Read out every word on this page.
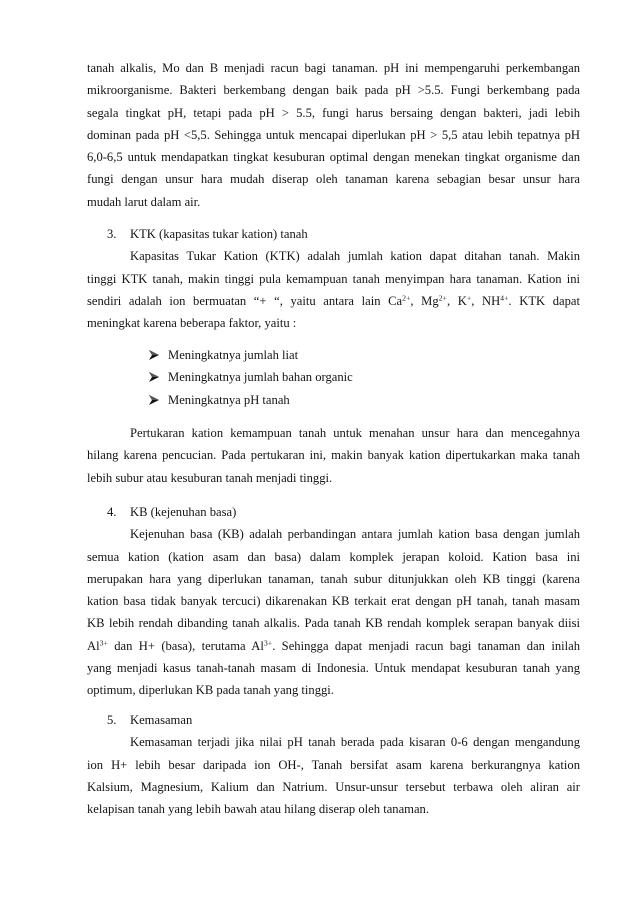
tanah alkalis, Mo dan B menjadi racun bagi tanaman. pH ini mempengaruhi perkembangan
mikroorganisme. Bakteri berkembang dengan baik pada pH >5.5. Fungi berkembang pada
segala tingkat pH, tetapi pada pH > 5.5, fungi harus bersaing dengan bakteri, jadi lebih
dominan pada pH <5,5. Sehingga untuk mencapai diperlukan pH > 5,5 atau lebih tepatnya pH
6,0-6,5 untuk mendapatkan tingkat kesuburan optimal dengan menekan tingkat organisme dan
fungi dengan unsur hara mudah diserap oleh tanaman karena sebagian besar unsur hara
mudah larut dalam air.
3. KTK (kapasitas tukar kation) tanah
Kapasitas Tukar Kation (KTK) adalah jumlah kation dapat ditahan tanah. Makin
tinggi KTK tanah, makin tinggi pula kemampuan tanah menyimpan hara tanaman. Kation ini
sendiri adalah ion bermuatan “+ “, yaitu antara lain $Ca^{2+}$, $Mg^{2+}$, K+, $NH^{4+}$. KTK dapat
meningkat karena beberapa faktor, yaitu :
Meningkatnya jumlah liat
Meningkatnya jumlah bahan organic
Meningkatnya pH tanah
Pertukaran kation kemampuan tanah untuk menahan unsur hara dan mencegahnya
hilang karena pencucian. Pada pertukaran ini, makin banyak kation dipertukarkan maka tanah
lebih subur atau kesuburan tanah menjadi tinggi.
4. KB (kejenuhan basa)
Kejenuhan basa (KB) adalah perbandingan antara jumlah kation basa dengan jumlah
semua kation (kation asam dan basa) dalam komplek jerapan koloid. Kation basa ini
merupakan hara yang diperlukan tanaman, tanah subur ditunjukkan oleh KB tinggi (karena
kation basa tidak banyak tercuci) dikarenakan KB terkait erat dengan pH tanah, tanah masam
KB lebih rendah dibanding tanah alkalis. Pada tanah KB rendah komplek serapan banyak diisi
$Al^{3+}$ dan H+ (basa), terutama $Al^{3+}$. Sehingga dapat menjadi racun bagi tanaman dan inilah
yang menjadi kasus tanah-tanah masam di Indonesia. Untuk mendapat kesuburan tanah yang
optimum, diperlukan KB pada tanah yang tinggi.
5. Kemasaman
Kemasaman terjadi jika nilai pH tanah berada pada kisaran 0-6 dengan mengandung
ion H+ lebih besar daripada ion OH-, Tanah bersifat asam karena berkurangnya kation
Kalsium, Magnesium, Kalium dan Natrium. Unsur-unsur tersebut terbawa oleh aliran air
kelapisan tanah yang lebih bawah atau hilang diserap oleh tanaman.
